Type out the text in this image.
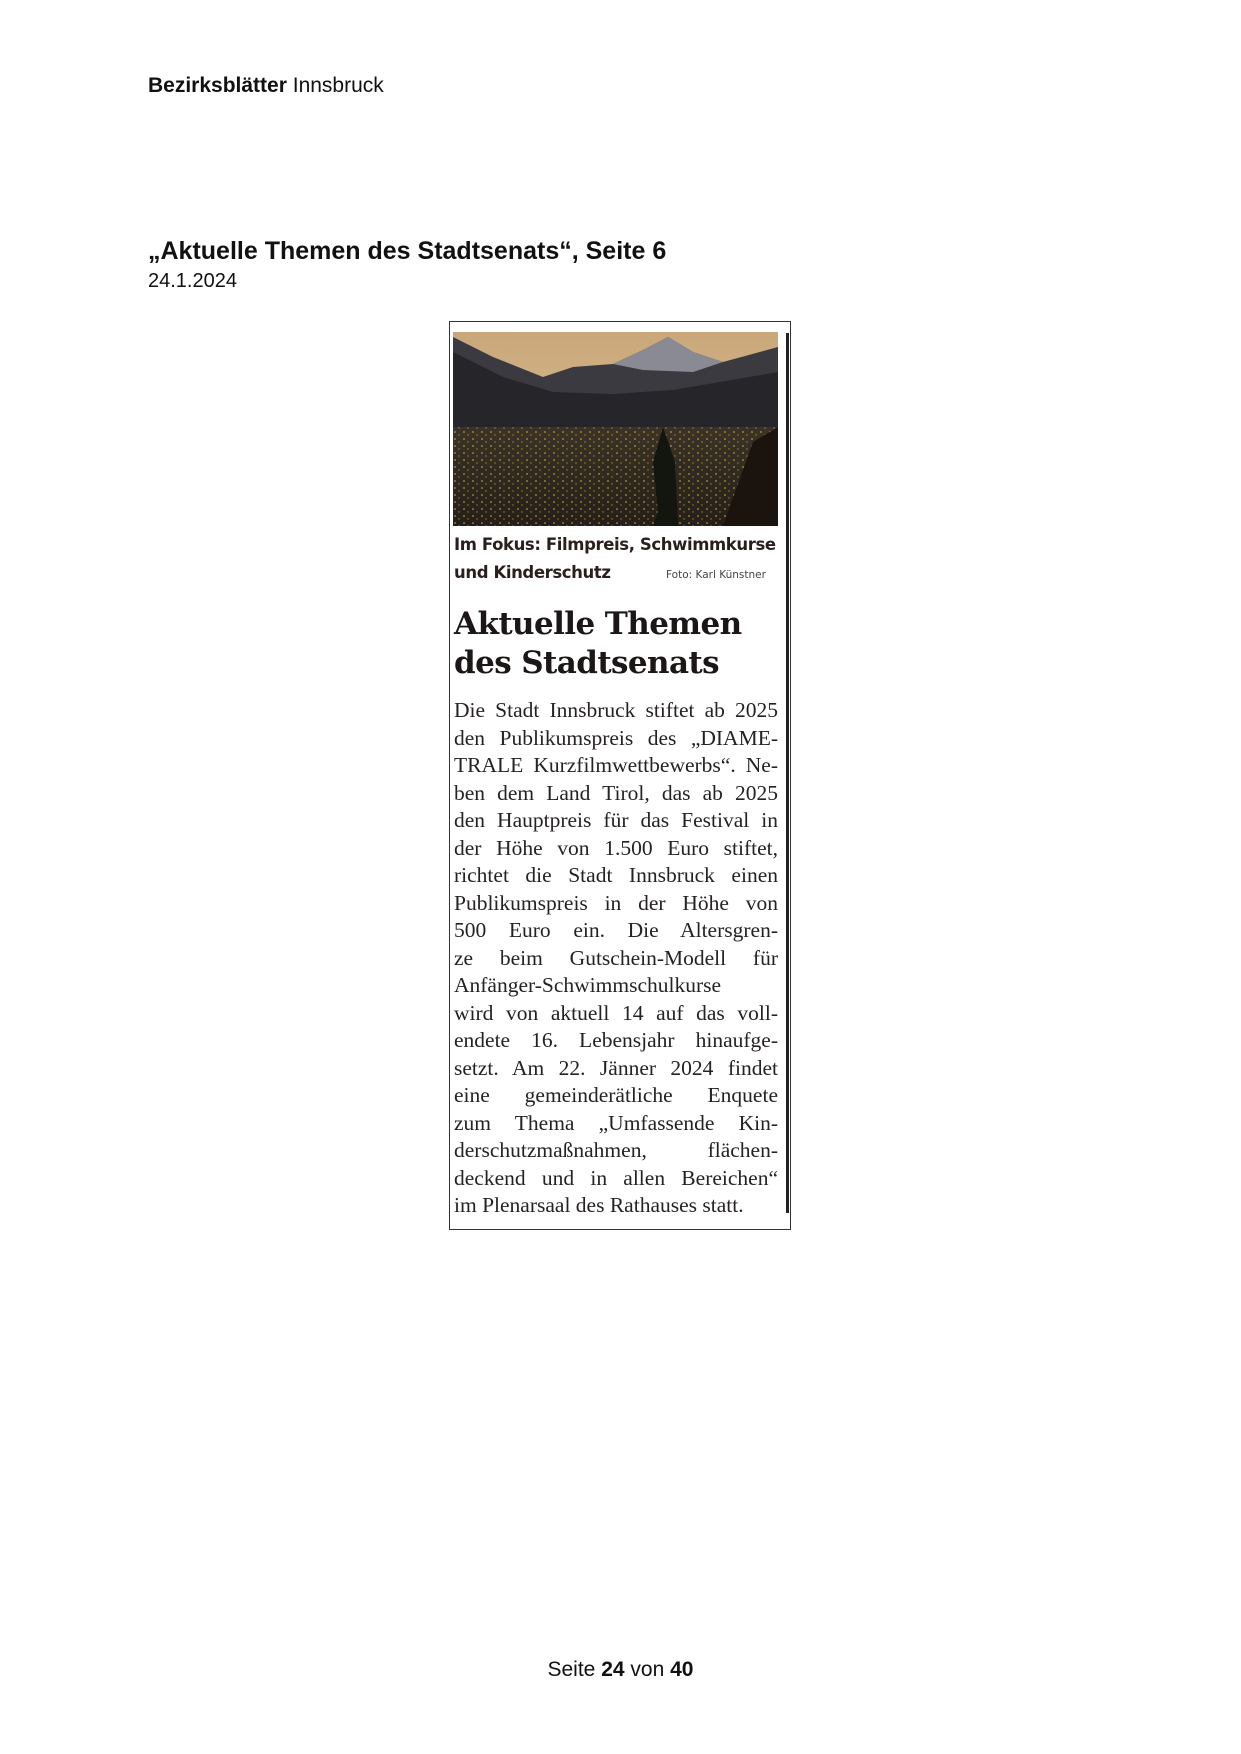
Bezirksblätter Innsbruck
„Aktuelle Themen des Stadtsenats“, Seite 6
24.1.2024
Im Fokus: Filmpreis, Schwimmkurse
und Kinderschutz	Foto: Karl Künstner
Aktuelle Themen
des Stadtsenats
Die Stadt Innsbruck stiftet ab 2025
den Publikumspreis des „DIAME-
TRALE Kurzfilmwettbewerbs“. Ne-
ben dem Land Tirol, das ab 2025
den Hauptpreis für das Festival in
der Höhe von 1.500 Euro stiftet,
richtet die Stadt Innsbruck einen
Publikumspreis in der Höhe von
500 Euro ein. Die Altersgren-
ze beim Gutschein-Modell für
Anfänger-Schwimmschulkurse
wird von aktuell 14 auf das voll-
endete 16. Lebensjahr hinaufge-
setzt. Am 22. Jänner 2024 findet
eine gemeinderätliche Enquete
zum Thema „Umfassende Kin-
derschutzmaßnahmen, flächen-
deckend und in allen Bereichen“
im Plenarsaal des Rathauses statt.
Seite 24 von 40
